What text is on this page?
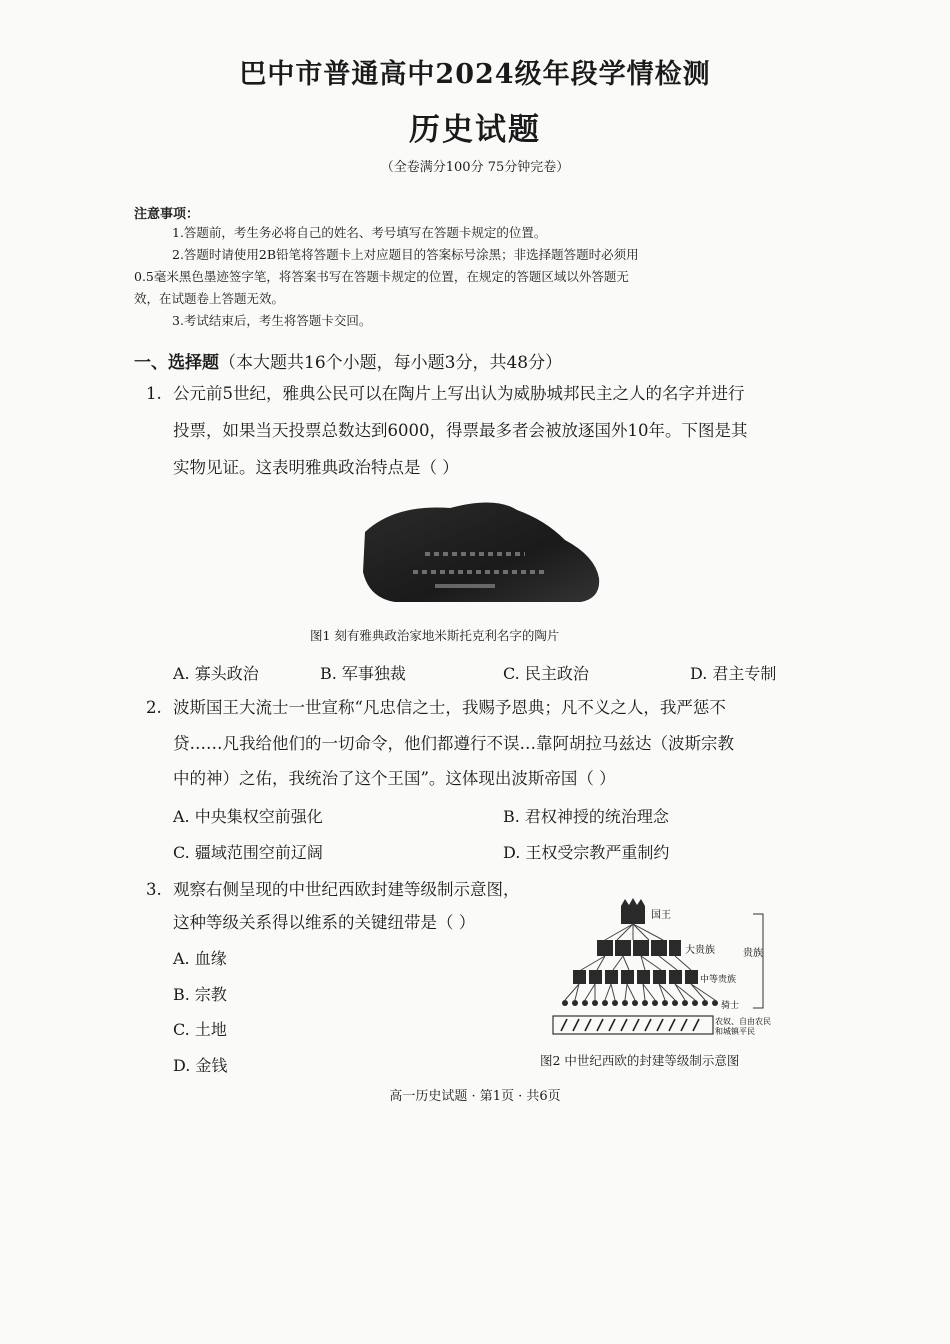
巴中市普通高中2024级年段学情检测
历史试题
（全卷满分100分 75分钟完卷）
注意事项：
1.答题前，考生务必将自己的姓名、考号填写在答题卡规定的位置。
2.答题时请使用2B铅笔将答题卡上对应题目的答案标号涂黑；非选择题答题时必须用
0.5毫米黑色墨迹签字笔，将答案书写在答题卡规定的位置，在规定的答题区域以外答题无
效，在试题卷上答题无效。
3.考试结束后，考生将答题卡交回。
一、选择题（本大题共16个小题，每小题3分，共48分）
1. 公元前5世纪，雅典公民可以在陶片上写出认为威胁城邦民主之人的名字并进行
投票，如果当天投票总数达到6000，得票最多者会被放逐国外10年。下图是其
实物见证。这表明雅典政治特点是（ ）
图1 刻有雅典政治家地米斯托克利名字的陶片
A. 寡头政治	B. 军事独裁	C. 民主政治	D. 君主专制
2. 波斯国王大流士一世宣称“凡忠信之士，我赐予恩典；凡不义之人，我严惩不
贷……凡我给他们的一切命令，他们都遵行不误…靠阿胡拉马兹达（波斯宗教
中的神）之佑，我统治了这个王国”。这体现出波斯帝国（ ）
A. 中央集权空前强化	B. 君权神授的统治理念
C. 疆域范围空前辽阔	D. 王权受宗教严重制约
3. 观察右侧呈现的中世纪西欧封建等级制示意图，
这种等级关系得以维系的关键纽带是（ ）
A. 血缘
B. 宗教
C. 土地
D. 金钱
国王
大贵族
中等贵族
骑士
农奴、自由农民
和城镇平民
贵族
图2 中世纪西欧的封建等级制示意图
高一历史试题 · 第1页 · 共6页
